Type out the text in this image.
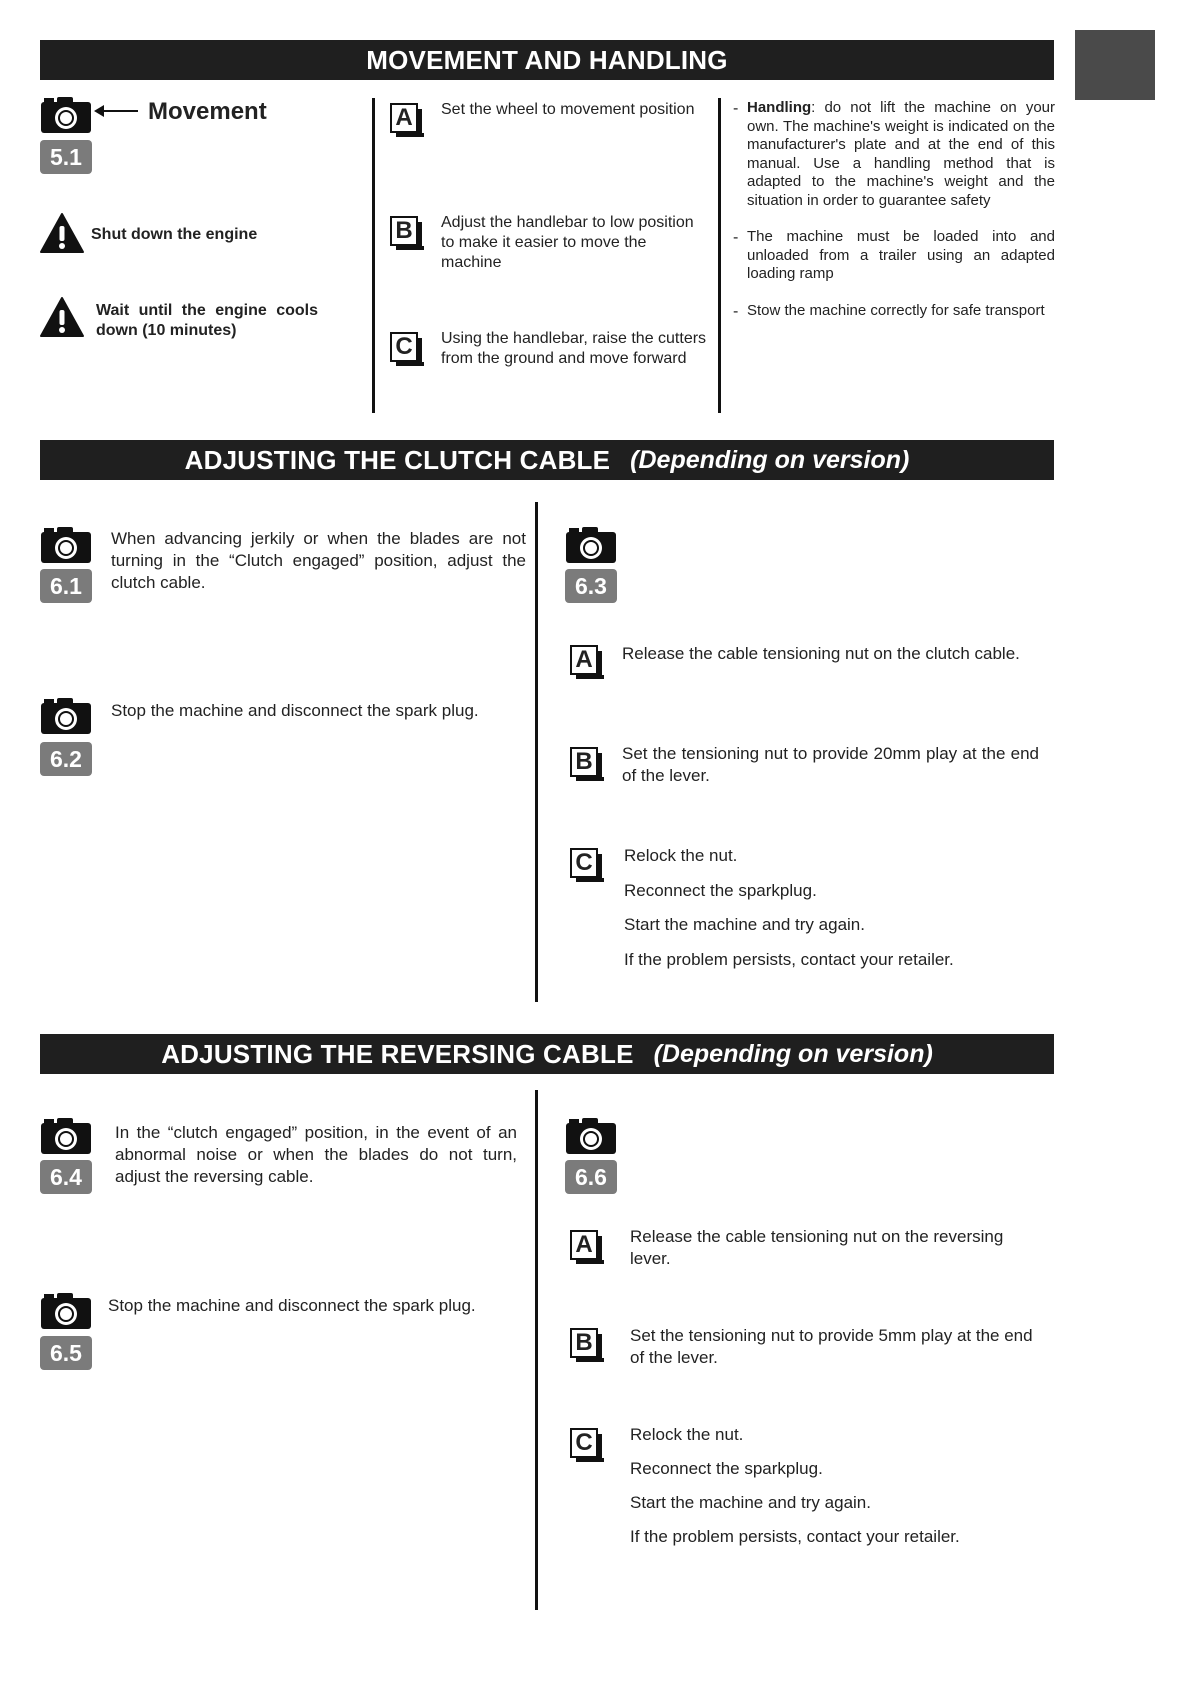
MOVEMENT AND HANDLING
Movement
5.1
Shut down the engine
Wait until the engine cools down (10 minutes)
A	Set the wheel to movement position
B	Adjust the handlebar to low position to make it easier to move the machine
C	Using the handlebar, raise the cutters from the ground and move forward
- Handling: do not lift the machine on your own. The machine's weight is indicated on the manufacturer's plate and at the end of this manual. Use a handling method that is adapted to the machine's weight and the situation in order to guarantee safety
- The machine must be loaded into and unloaded from a trailer using an adapted loading ramp
- Stow the machine correctly for safe transport
ADJUSTING THE CLUTCH CABLE (Depending on version)
6.1
When advancing jerkily or when the blades are not turning in the “Clutch engaged” position, adjust the clutch cable.
6.2
Stop the machine and disconnect the spark plug.
6.3
A	Release the cable tensioning nut on the clutch cable.
B	Set the tensioning nut to provide 20mm play at the end of the lever.
C	Relock the nut.
Reconnect the sparkplug.
Start the machine and try again.
If the problem persists, contact your retailer.
ADJUSTING THE REVERSING CABLE (Depending on version)
6.4
In the “clutch engaged” position, in the event of an abnormal noise or when the blades do not turn, adjust the reversing cable.
6.5
Stop the machine and disconnect the spark plug.
6.6
A	Release the cable tensioning nut on the reversing lever.
B	Set the tensioning nut to provide 5mm play at the end of the lever.
C	Relock the nut.
Reconnect the sparkplug.
Start the machine and try again.
If the problem persists, contact your retailer.
